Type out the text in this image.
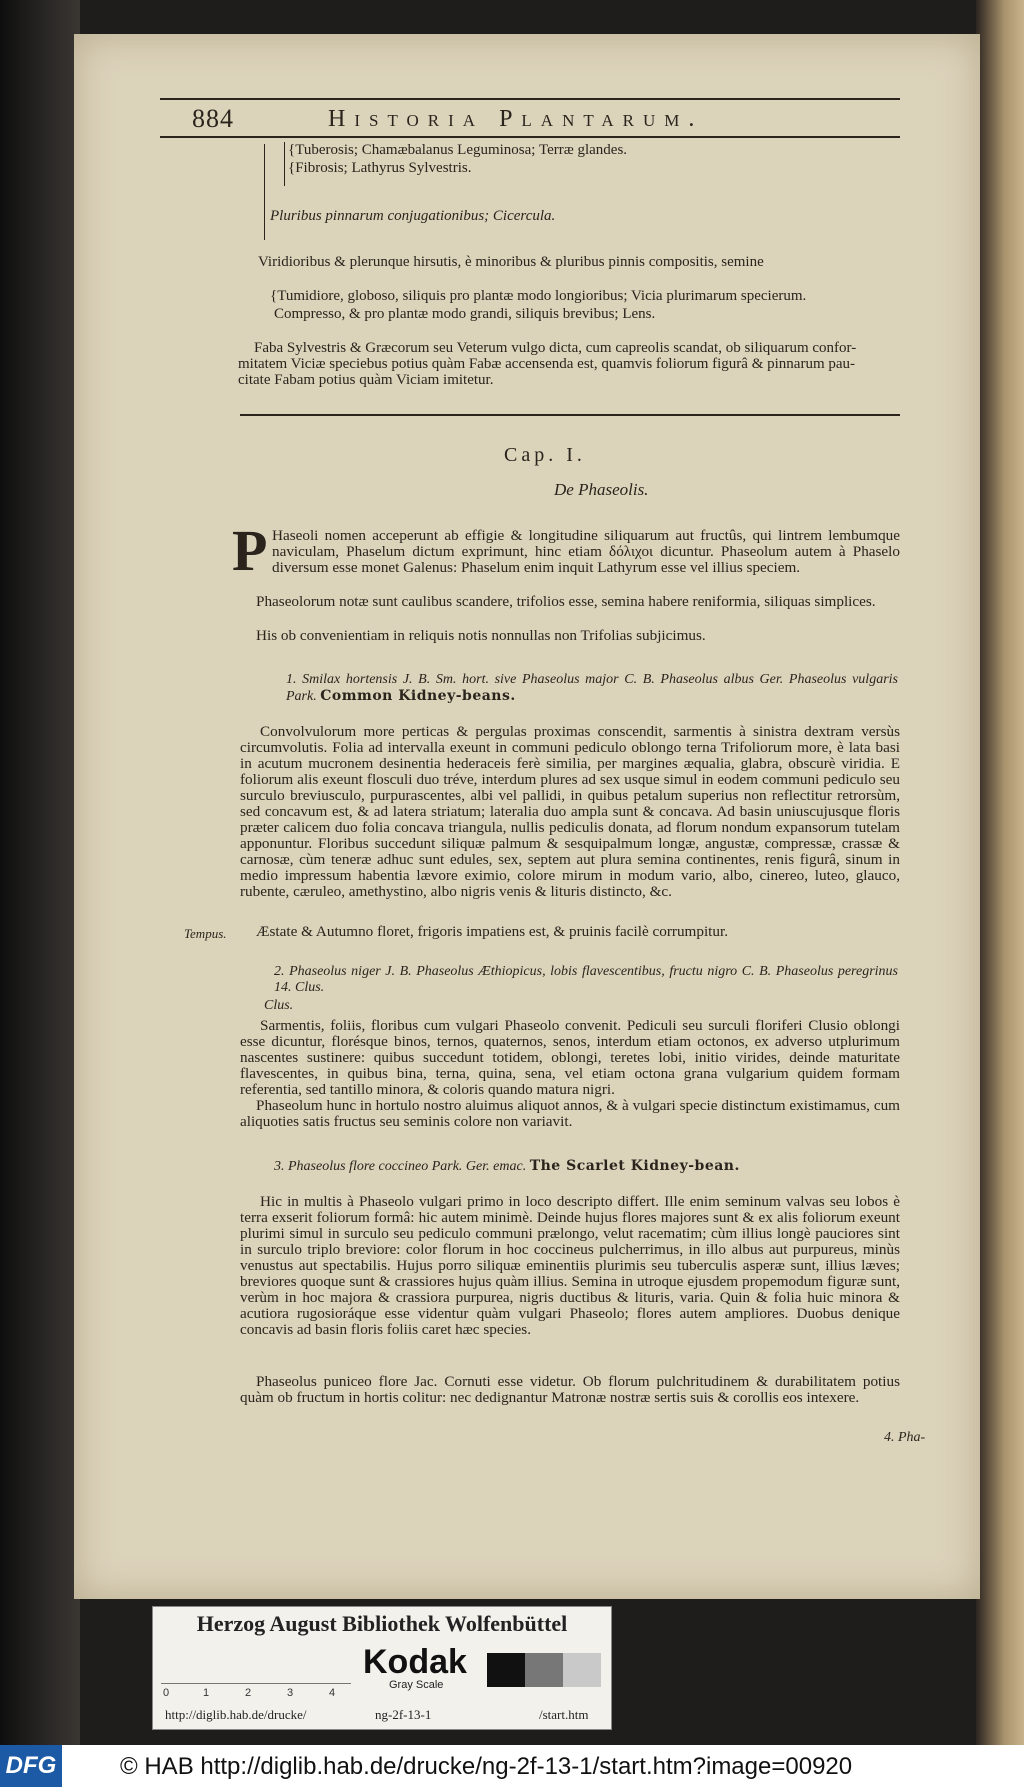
884	Historia Plantarum.
{Tuberosis; Chamæbalanus Leguminosa; Terræ glandes.
{Fibrosis; Lathyrus Sylvestris.
Pluribus pinnarum conjugationibus; Cicercula.
Viridioribus & plerunque hirsutis, è minoribus & pluribus pinnis compositis, semine
{Tumidiore, globoso, siliquis pro plantæ modo longioribus; Vicia plurimarum specierum.
Compresso, & pro plantæ modo grandi, siliquis brevibus; Lens.
Faba Sylvestris & Græcorum seu Veterum vulgo dicta, cum capreolis scandat, ob siliquarum confor-
mitatem Viciæ speciebus potius quàm Fabæ accensenda est, quamvis foliorum figurâ & pinnarum pau-
citate Fabam potius quàm Viciam imitetur.
Cap. I.
De Phaseolis.
P Haseoli nomen acceperunt ab effigie & longitudine siliquarum aut fructûs, qui lintrem lembumque naviculam, Phaselum dictum exprimunt, hinc etiam δόλιχοι dicuntur. Phaseolum autem à Phaselo diversum esse monet Galenus: Phaselum enim inquit Lathyrum esse vel illius speciem.
Phaseolorum notæ sunt caulibus scandere, trifolios esse, semina habere reniformia, siliquas simplices.
His ob convenientiam in reliquis notis nonnullas non Trifolias subjicimus.
1. Smilax hortensis J. B. Sm. hort. sive Phaseolus major C. B. Phaseolus albus Ger. Phaseolus vulgaris Park. Common Kidney-beans.
Convolvulorum more perticas & pergulas proximas conscendit, sarmentis à sinistra dextram versùs circumvolutis. Folia ad intervalla exeunt in communi pediculo oblongo terna Trifoliorum more, è lata basi in acutum mucronem desinentia hederaceis ferè similia, per margines æqualia, glabra, obscurè viridia. E foliorum alis exeunt flosculi duo tréve, interdum plures ad sex usque simul in eodem communi pediculo seu surculo breviusculo, purpurascentes, albi vel pallidi, in quibus petalum superius non reflectitur retrorsùm, sed concavum est, & ad latera striatum; lateralia duo ampla sunt & concava. Ad basin uniuscujusque floris præter calicem duo folia concava triangula, nullis pediculis donata, ad florum nondum expansorum tutelam apponuntur. Floribus succedunt siliquæ palmum & sesquipalmum longæ, angustæ, compressæ, crassæ & carnosæ, cùm teneræ adhuc sunt edules, sex, septem aut plura semina continentes, renis figurâ, sinum in medio impressum habentia lævore eximio, colore mirum in modum vario, albo, cinereo, luteo, glauco, rubente, cæruleo, amethystino, albo nigris venis & lituris distincto, &c.
Tempus.	Æstate & Autumno floret, frigoris impatiens est, & pruinis facilè corrumpitur.
2. Phaseolus niger J. B. Phaseolus Æthiopicus, lobis flavescentibus, fructu nigro C. B. Phaseolus peregrinus 14. Clus.
Clus.
Sarmentis, foliis, floribus cum vulgari Phaseolo convenit. Pediculi seu surculi floriferi Clusio oblongi esse dicuntur, florésque binos, ternos, quaternos, senos, interdum etiam octonos, ex adverso utplurimum nascentes sustinere: quibus succedunt totidem, oblongi, teretes lobi, initio virides, deinde maturitate flavescentes, in quibus bina, terna, quina, sena, vel etiam octona grana vulgarium quidem formam referentia, sed tantillo minora, & coloris quando matura nigri.
Phaseolum hunc in hortulo nostro aluimus aliquot annos, & à vulgari specie distinctum existimamus, cum aliquoties satis fructus seu seminis colore non variavit.
3. Phaseolus flore coccineo Park. Ger. emac. The Scarlet Kidney-bean.
Hic in multis à Phaseolo vulgari primo in loco descripto differt. Ille enim seminum valvas seu lobos è terra exserit foliorum formâ: hic autem minimè. Deinde hujus flores majores sunt & ex alis foliorum exeunt plurimi simul in surculo seu pediculo communi prælongo, velut racematim; cùm illius longè pauciores sint in surculo triplo breviore: color florum in hoc coccineus pulcherrimus, in illo albus aut purpureus, minùs venustus aut spectabilis. Hujus porro siliquæ eminentiis plurimis seu tuberculis asperæ sunt, illius læves; breviores quoque sunt & crassiores hujus quàm illius. Semina in utroque ejusdem propemodum figuræ sunt, verùm in hoc majora & crassiora purpurea, nigris ductibus & lituris, varia. Quin & folia huic minora & acutiora rugosioráque esse videntur quàm vulgari Phaseolo; flores autem ampliores. Duobus denique concavis ad basin floris foliis caret hæc species.
Phaseolus puniceo flore Jac. Cornuti esse videtur. Ob florum pulchritudinem & durabilitatem potius quàm ob fructum in hortis colitur: nec dedignantur Matronæ nostræ sertis suis & corollis eos intexere.
4. Pha-
Herzog August Bibliothek Wolfenbüttel
Kodak
Gray Scale
0	1	2	3	4
http://diglib.hab.de/drucke/	ng-2f-13-1	/start.htm
DFG	© HAB http://diglib.hab.de/drucke/ng-2f-13-1/start.htm?image=00920
